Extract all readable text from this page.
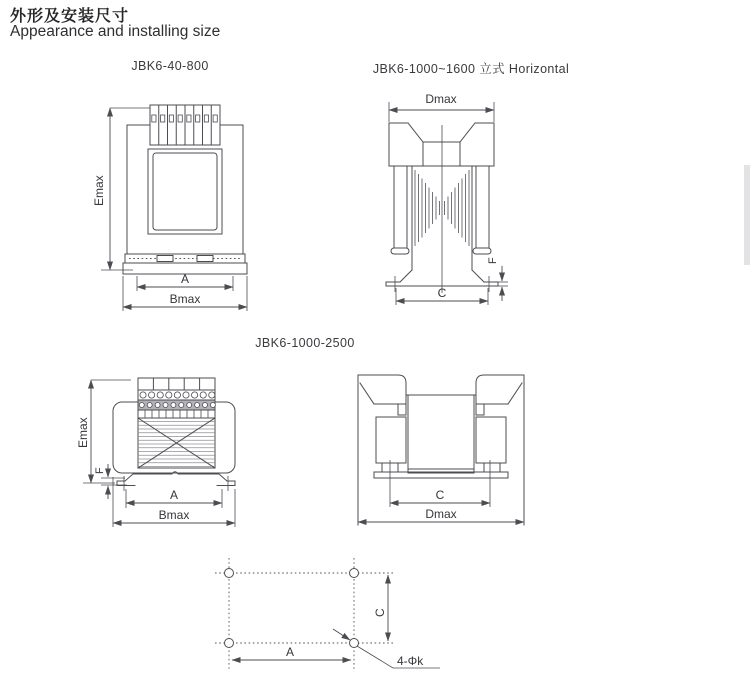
外形及安装尺寸
Appearance and installing size
JBK6-40-800	JBK6-1000~1600 立式 Horizontal
JBK6-1000-2500
Emax
A
Bmax
Dmax
F
C
Emax
F
A
Bmax
C
Dmax
C
A
4-Φk
